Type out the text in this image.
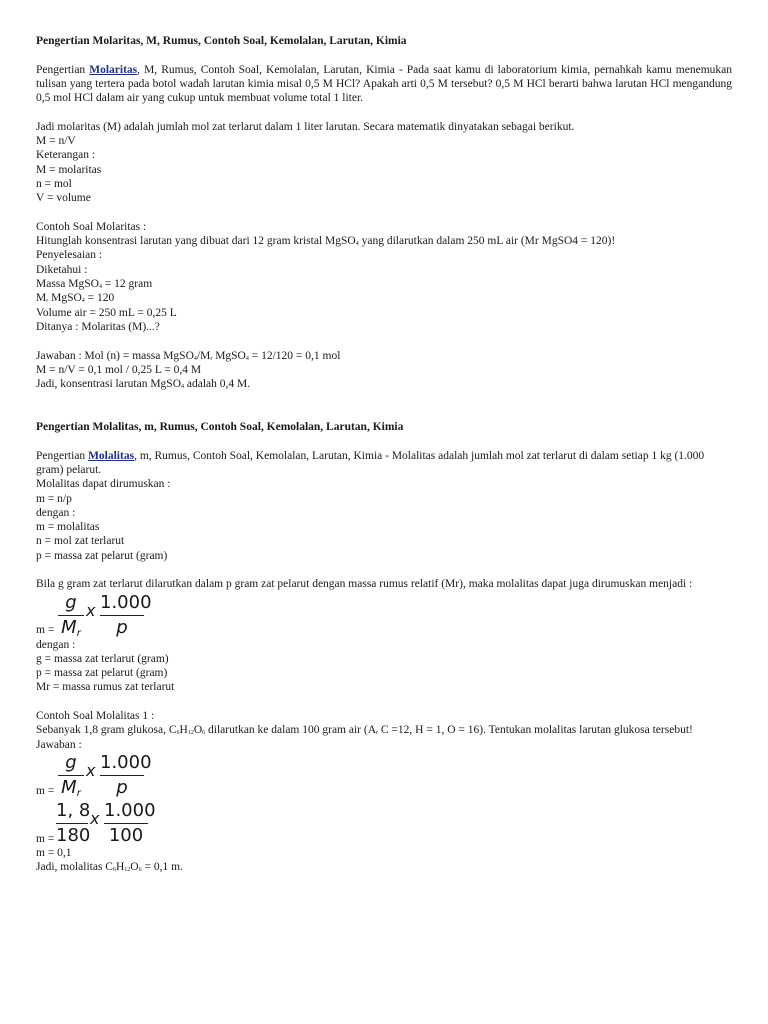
Pengertian Molaritas, M, Rumus, Contoh Soal, Kemolalan, Larutan, Kimia

Pengertian Molaritas, M, Rumus, Contoh Soal, Kemolalan, Larutan, Kimia - Pada saat kamu di laboratorium kimia, pernahkah kamu menemukan tulisan yang tertera pada botol wadah larutan kimia misal 0,5 M HCl? Apakah arti 0,5 M tersebut? 0,5 M HCl berarti bahwa larutan HCl mengandung 0,5 mol HCl dalam air yang cukup untuk membuat volume total 1 liter.

Jadi molaritas (M) adalah jumlah mol zat terlarut dalam 1 liter larutan. Secara matematik dinyatakan sebagai berikut.

M = n/V

Keterangan :

M = molaritas

n = mol

V = volume

Contoh Soal Molaritas :

Hitunglah konsentrasi larutan yang dibuat dari 12 gram kristal MgSO$_4$ yang dilarutkan dalam 250 mL air (Mr MgSO4 = 120)!

Penyelesaian :

Diketahui :

Massa MgSO$_4$ = 12 gram

$M_r$ MgSO$_4$ = 120

Volume air = 250 mL = 0,25 L

Ditanya : Molaritas (M)...?

Jawaban : Mol (n) = massa $MgSO_4/M_r$ MgSO$_4$ = 12/120 = 0,1 mol

M = n/V = 0,1 mol / 0,25 L = 0,4 M

Jadi, konsentrasi larutan MgSO$_4$ adalah 0,4 M.

Pengertian Molalitas, m, Rumus, Contoh Soal, Kemolalan, Larutan, Kimia

Pengertian Molalitas, m, Rumus, Contoh Soal, Kemolalan, Larutan, Kimia - Molalitas adalah jumlah mol zat terlarut di dalam setiap 1 kg (1.000 gram) pelarut.

Molalitas dapat dirumuskan :

m = n/p

dengan :

m = molalitas

n = mol zat terlarut

p = massa zat pelarut (gram)

Bila g gram zat terlarut dilarutkan dalam p gram zat pelarut dengan massa rumus relatif (Mr), maka molalitas dapat juga dirumuskan menjadi :

m =
g
$M_r$
x 1.000
p

dengan :

g = massa zat terlarut (gram)

p = massa zat pelarut (gram)

Mr = massa rumus zat terlarut

Contoh Soal Molalitas 1 :

Sebanyak 1,8 gram glukosa, $C_6H_{12}O_6$ dilarutkan ke dalam 100 gram air ($A_r$ C =12, H = 1, O = 16). Tentukan molalitas larutan glukosa tersebut!

Jawaban :

m =
g
$M_r$
x 1.000
p
m =
1, 8
180
x 1.000
100

m = 0,1

Jadi, molalitas $C_6H_{12}O_6 = 0,1$ m.
